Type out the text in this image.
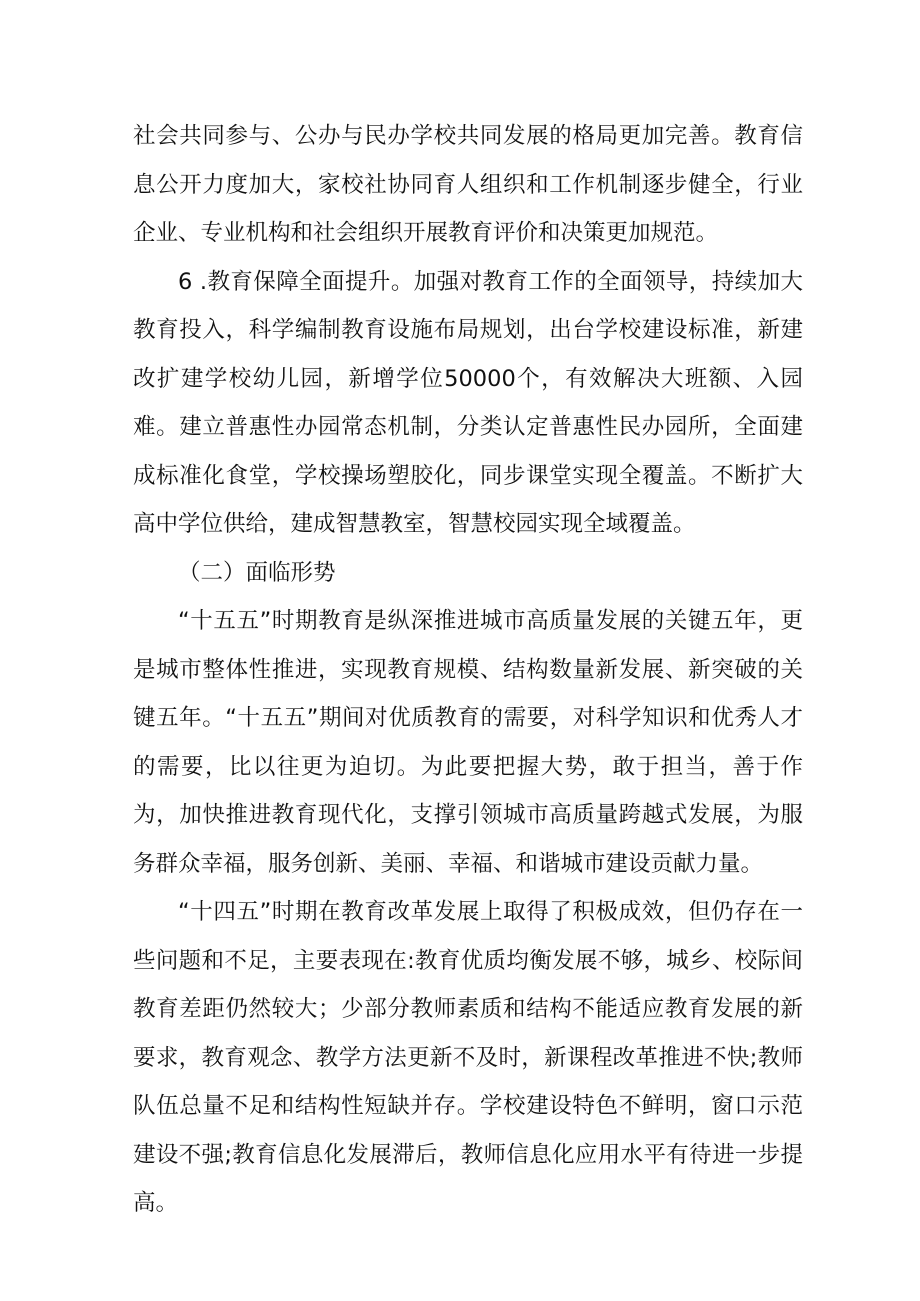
社会共同参与、公办与民办学校共同发展的格局更加完善。教育信息公开力度加大，家校社协同育人组织和工作机制逐步健全，行业企业、专业机构和社会组织开展教育评价和决策更加规范。

6 .教育保障全面提升。加强对教育工作的全面领导，持续加大教育投入，科学编制教育设施布局规划，出台学校建设标准，新建改扩建学校幼儿园，新增学位50000个，有效解决大班额、入园难。建立普惠性办园常态机制，分类认定普惠性民办园所，全面建成标准化食堂，学校操场塑胶化，同步课堂实现全覆盖。不断扩大高中学位供给，建成智慧教室，智慧校园实现全域覆盖。

（二）面临形势

“十五五”时期教育是纵深推进城市高质量发展的关键五年，更是城市整体性推进，实现教育规模、结构数量新发展、新突破的关键五年。“十五五”期间对优质教育的需要，对科学知识和优秀人才的需要，比以往更为迫切。为此要把握大势，敢于担当，善于作为，加快推进教育现代化，支撑引领城市高质量跨越式发展，为服务群众幸福，服务创新、美丽、幸福、和谐城市建设贡献力量。

“十四五”时期在教育改革发展上取得了积极成效，但仍存在一些问题和不足，主要表现在:教育优质均衡发展不够，城乡、校际间教育差距仍然较大；少部分教师素质和结构不能适应教育发展的新要求，教育观念、教学方法更新不及时，新课程改革推进不快;教师队伍总量不足和结构性短缺并存。学校建设特色不鲜明，窗口示范建设不强;教育信息化发展滞后，教师信息化应用水平有待进一步提高。
